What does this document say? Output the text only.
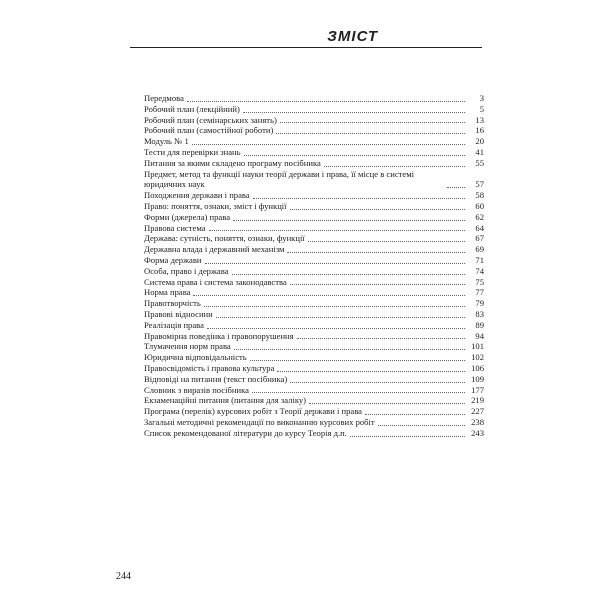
ЗМІСТ
Передмова	3
Робочий план (лекційний)	5
Робочий план (семінарських занять)	13
Робочий план (самостійної роботи)	16
Модуль № 1	20
Тести для перевірки знань	41
Питання за якими складено програму посібника	55
Предмет, метод та функції науки теорії держави і права, її місце в системі юридичних наук	57
Походження держави і права	58
Право: поняття, ознаки, зміст і функції	60
Форми (джерела) права	62
Правова система	64
Держава: сутність, поняття, ознаки, функції	67
Державна влада і державний механізм	69
Форма держави	71
Особа, право і держава	74
Система права і система законодавства	75
Норма права	77
Правотворчість	79
Правові відносини	83
Реалізація права	89
Правомірна поведінка і правопорушення	94
Тлумачення норм права	101
Юридична відповідальність	102
Правосвідомість і правова культура	106
Відповіді на питання (текст посібника)	109
Словник з виразів посібника	177
Екзаменаційні питання (питання для заліку)	219
Програма (перелік) курсових робіт з Теорії держави і права	227
Загальні методичні рекомендації по виконанню курсових робіт	238
Список рекомендованої літератури до курсу Теорія д.п.	243
244
